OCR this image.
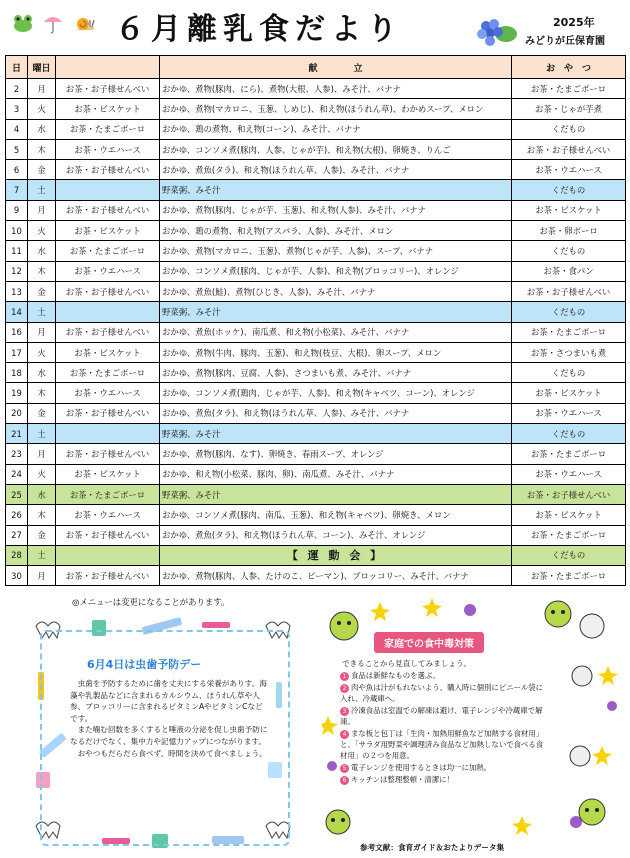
６月離乳食だより	2025年
みどりが丘保育園
日	曜日		献　　　　立	お　や　つ
2	月	お茶・お子様せんべい	おかゆ、煮物(豚肉、にら)、煮物(大根、人参)、みそ汁、バナナ	お茶・たまごボーロ
3	火	お茶・ビスケット	おかゆ、煮物(マカロニ、玉葱、しめじ)、和え物(ほうれん草)、わかめスープ、メロン	お茶・じゃが芋煮
4	水	お茶・たまごボーロ	おかゆ、鶏の煮物、和え物(コーン)、みそ汁、バナナ	くだもの
5	木	お茶・ウエハース	おかゆ、コンソメ煮(豚肉、人参、じゃが芋)、和え物(大根)、卵焼き、りんご	お茶・お子様せんべい
6	金	お茶・お子様せんべい	おかゆ、煮魚(タラ)、和え物(ほうれん草、人参)、みそ汁、バナナ	お茶・ウエハース
7	土		野菜粥、みそ汁	くだもの
9	月	お茶・お子様せんべい	おかゆ、煮物(豚肉、じゃが芋、玉葱)、和え物(人参)、みそ汁、バナナ	お茶・ビスケット
10	火	お茶・ビスケット	おかゆ、鶏の煮物、和え物(アスパラ、人参)、みそ汁、メロン	お茶・卵ボーロ
11	水	お茶・たまごボーロ	おかゆ、煮物(マカロニ、玉葱)、煮物(じゃが芋、人参)、スープ、バナナ	くだもの
12	木	お茶・ウエハース	おかゆ、コンソメ煮(豚肉、じゃが芋、人参)、和え物(ブロッコリー)、オレンジ	お茶・食パン
13	金	お茶・お子様せんべい	おかゆ、煮魚(鮭)、煮物(ひじき、人参)、みそ汁、バナナ	お茶・お子様せんべい
14	土		野菜粥、みそ汁	くだもの
16	月	お茶・お子様せんべい	おかゆ、煮魚(ホッケ)、南瓜煮、和え物(小松菜)、みそ汁、バナナ	お茶・たまごボーロ
17	火	お茶・ビスケット	おかゆ、煮物(牛肉、豚肉、玉葱)、和え物(枝豆、大根)、卵スープ、メロン	お茶・さつまいも煮
18	水	お茶・たまごボーロ	おかゆ、煮物(豚肉、豆腐、人参)、さつまいも煮、みそ汁、バナナ	くだもの
19	木	お茶・ウエハース	おかゆ、コンソメ煮(鶏肉、じゃが芋、人参)、和え物(キャベツ、コーン)、オレンジ	お茶・ビスケット
20	金	お茶・お子様せんべい	おかゆ、煮魚(タラ)、和え物(ほうれん草、人参)、みそ汁、バナナ	お茶・ウエハース
21	土		野菜粥、みそ汁	くだもの
23	月	お茶・お子様せんべい	おかゆ、煮物(豚肉、なす)、卵焼き、春雨スープ、オレンジ	お茶・たまごボーロ
24	火	お茶・ビスケット	おかゆ、和え物(小松菜、豚肉、卵)、南瓜煮、みそ汁、バナナ	お茶・ウエハース
25	水	お茶・たまごボーロ	野菜粥、みそ汁	お茶・お子様せんべい
26	木	お茶・ウエハース	おかゆ、コンソメ煮(豚肉、南瓜、玉葱)、和え物(キャベツ)、卵焼き、メロン	お茶・ビスケット
27	金	お茶・お子様せんべい	おかゆ、煮魚(タラ)、和え物(ほうれん草、コーン)、みそ汁、オレンジ	お茶・たまごボーロ
28	土		【 運 動 会 】	くだもの
30	月	お茶・お子様せんべい	おかゆ、煮物(豚肉、人参、たけのこ、ピーマン)、ブロッコリー、みそ汁、バナナ	お茶・たまごボーロ
◎メニューは変更になることがあります。
6月4日は虫歯予防デー
虫歯を予防するために歯を丈夫にする栄養がありす。海藻や乳製品などに含まれるカルシウム、ほうれん草や人参、ブロッコリーに含まれるビタミンAやビタミンCなどです。
また噛む回数を多くすると唾液の分泌を促し虫歯予防になるだけでなく、集中力や記憶力アップにつながります。
おやつもだらだら食べず、時間を決めて食べましょう。
家庭での食中毒対策
できることから見直してみましょう。
1 食品は新鮮なものを選ぶ。
2 肉や魚は汁がもれないよう、購入時に個別にビニール袋に入れ、冷蔵庫へ。
3 冷凍食品は室温での解凍は避け、電子レンジや冷蔵庫で解凍。
4 まな板と包丁は「生肉・加熱用鮮魚など加熱する食材用」と、「サラダ用野菜や調理済み食品など加熱しないで食べる食材用」の２つを用意。
5 電子レンジを使用するときは均一に加熱。
6 キッチンは整理整頓・清潔に！
参考文献：食育ガイド＆おたよりデータ集
